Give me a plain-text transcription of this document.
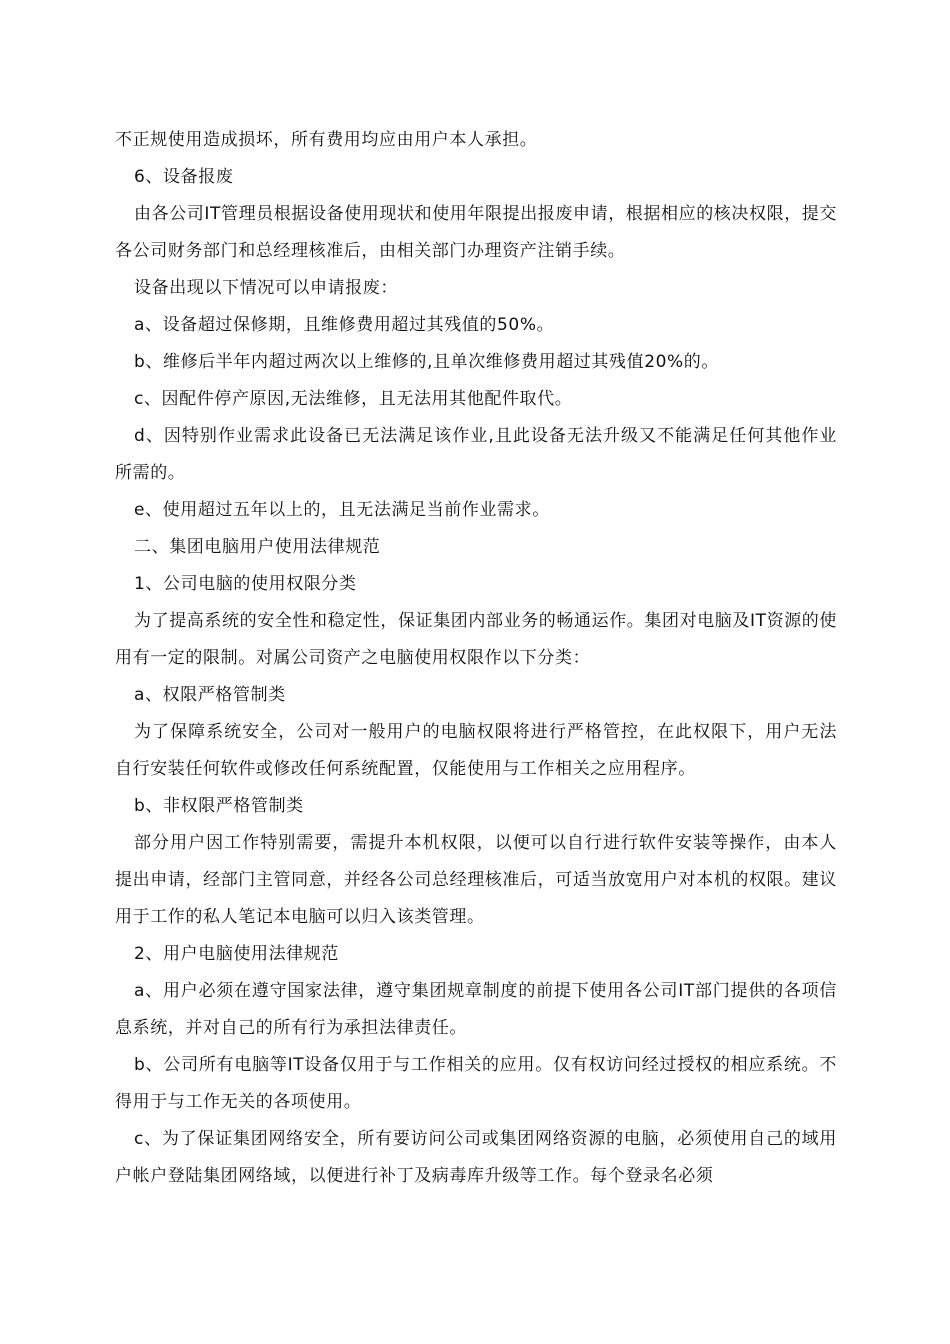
不正规使用造成损坏，所有费用均应由用户本人承担。

6、设备报废

由各公司IT管理员根据设备使用现状和使用年限提出报废申请，根据相应的核决权限，提交各公司财务部门和总经理核准后，由相关部门办理资产注销手续。

设备出现以下情况可以申请报废：

a、设备超过保修期，且维修费用超过其残值的50%。

b、维修后半年内超过两次以上维修的,且单次维修费用超过其残值20%的。

c、因配件停产原因,无法维修，且无法用其他配件取代。

d、因特别作业需求此设备已无法满足该作业,且此设备无法升级又不能满足任何其他作业所需的。

e、使用超过五年以上的，且无法满足当前作业需求。

二、集团电脑用户使用法律规范

1、公司电脑的使用权限分类

为了提高系统的安全性和稳定性，保证集团内部业务的畅通运作。集团对电脑及IT资源的使用有一定的限制。对属公司资产之电脑使用权限作以下分类：

a、权限严格管制类

为了保障系统安全，公司对一般用户的电脑权限将进行严格管控，在此权限下，用户无法自行安装任何软件或修改任何系统配置，仅能使用与工作相关之应用程序。

b、非权限严格管制类

部分用户因工作特别需要，需提升本机权限，以便可以自行进行软件安装等操作，由本人提出申请，经部门主管同意，并经各公司总经理核准后，可适当放宽用户对本机的权限。建议用于工作的私人笔记本电脑可以归入该类管理。

2、用户电脑使用法律规范

a、用户必须在遵守国家法律，遵守集团规章制度的前提下使用各公司IT部门提供的各项信息系统，并对自己的所有行为承担法律责任。

b、公司所有电脑等IT设备仅用于与工作相关的应用。仅有权访问经过授权的相应系统。不得用于与工作无关的各项使用。

c、为了保证集团网络安全，所有要访问公司或集团网络资源的电脑，必须使用自己的域用户帐户登陆集团网络域，以便进行补丁及病毒库升级等工作。每个登录名必须
